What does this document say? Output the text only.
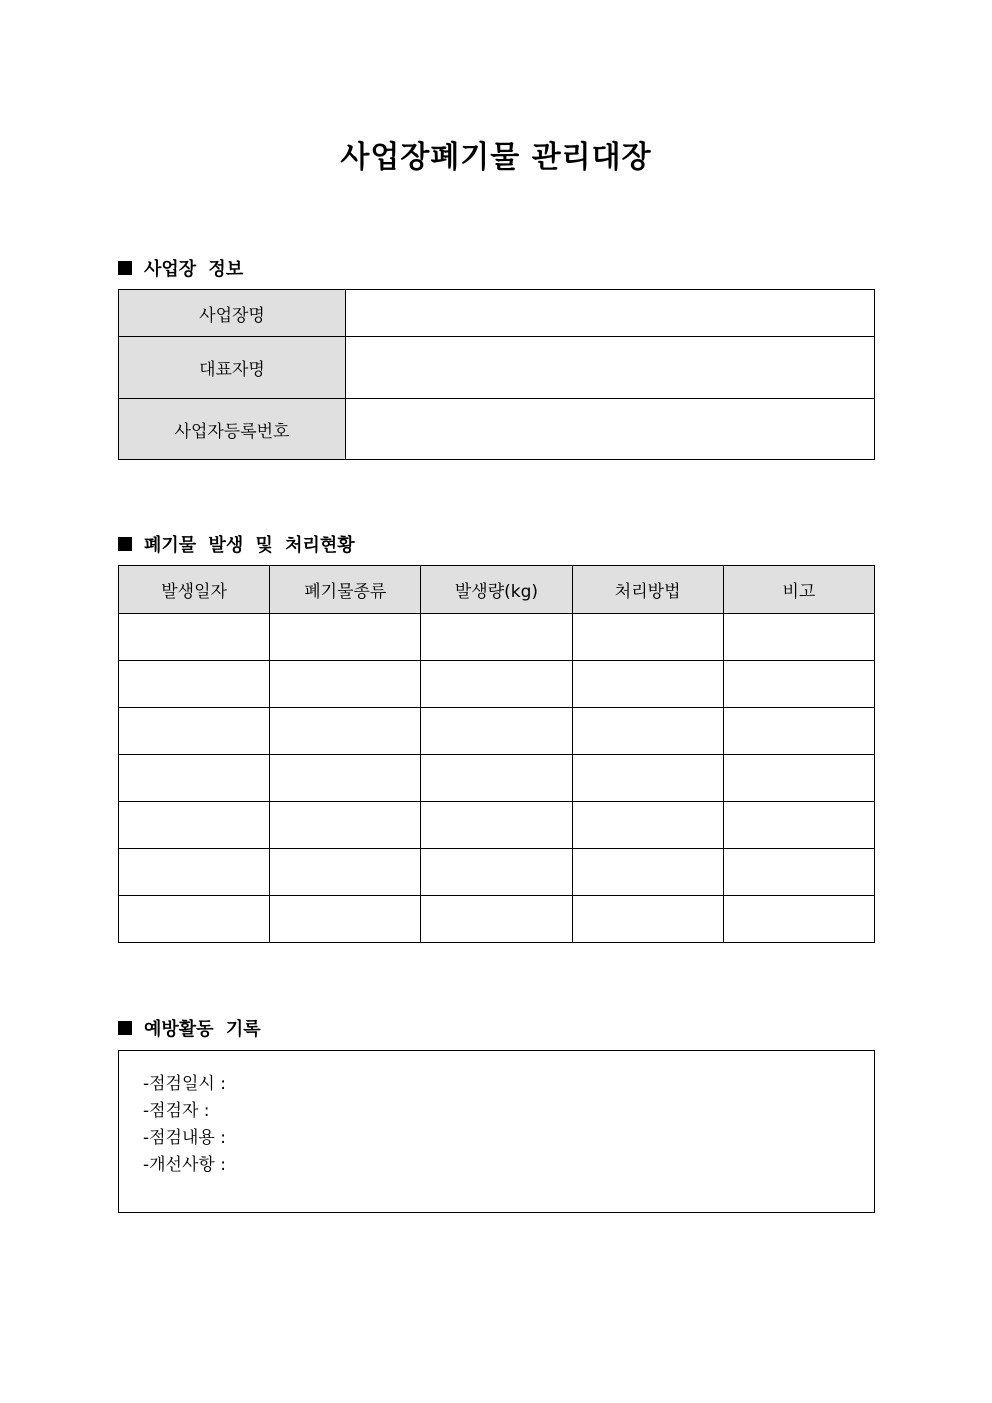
사업장폐기물 관리대장
사업장 정보
사업장명	
대표자명	
사업자등록번호	
폐기물 발생 및 처리현황
발생일자	폐기물종류	발생량(kg)	처리방법	비고

예방활동 기록
-점검일시 :
-점검자 :
-점검내용 :
-개선사항 :
